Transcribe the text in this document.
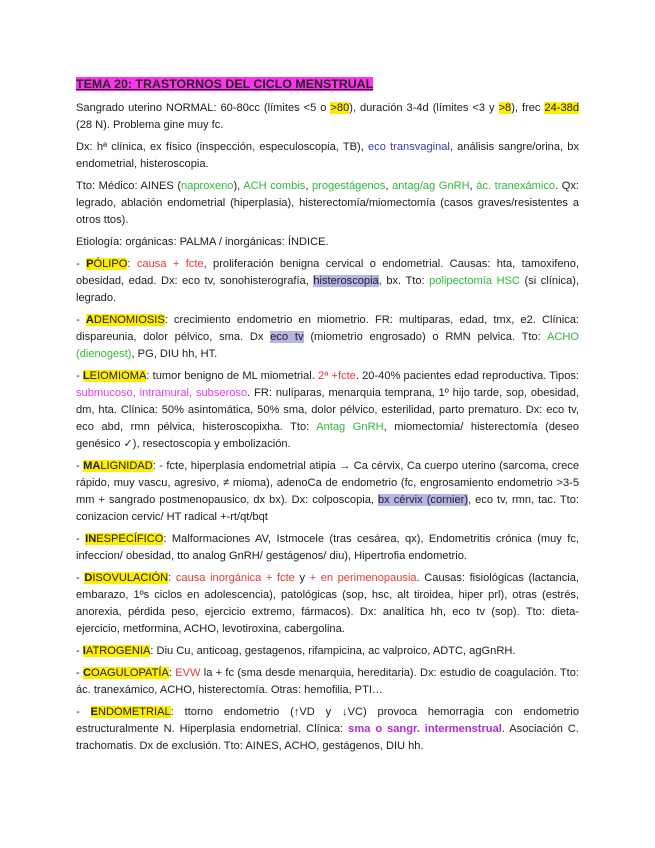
TEMA 20: TRASTORNOS DEL CICLO MENSTRUAL

Sangrado uterino NORMAL: 60-80cc (límites <5 o >80), duración 3-4d (límites <3 y >8), frec 24-38d (28 N). Problema gine muy fc.

Dx: hª clínica, ex físico (inspección, especuloscopia, TB), eco transvaginal, análisis sangre/orina, bx endometrial, histeroscopia.

Tto: Médico: AINES (naproxeno), ACH combis, progestágenos, antag/ag GnRH, ác. tranexámico. Qx: legrado, ablación endometrial (hiperplasia), histerectomía/miomectomía (casos graves/resistentes a otros ttos).

Etiología: orgánicas: PALMA / inorgánicas: ÍNDICE.

- PÓLIPO: causa + fcte, proliferación benigna cervical o endometrial. Causas: hta, tamoxifeno, obesidad, edad. Dx: eco tv, sonohisterografía, histeroscopia, bx. Tto: polipectomía HSC (si clínica), legrado.

- ADENOMIOSIS: crecimiento endometrio en miometrio. FR: multiparas, edad, tmx, e2. Clínica: dispareunia, dolor pélvico, sma. Dx eco tv (miometrio engrosado) o RMN pelvica. Tto: ACHO (dienogest), PG, DIU hh, HT.

- LEIOMIOMA: tumor benigno de ML miometrial. 2ª +fcte. 20-40% pacientes edad reproductiva. Tipos: submucoso, intramural, subseroso. FR: nulíparas, menarquia temprana, 1º hijo tarde, sop, obesidad, dm, hta. Clínica: 50% asintomática, 50% sma, dolor pélvico, esterilidad, parto prematuro. Dx: eco tv, eco abd, rmn pélvica, histeroscopixha. Tto: Antag GnRH, miomectomia/ histerectomía (deseo genésico ✓), resectoscopia y embolización.

- MALIGNIDAD: - fcte, hiperplasia endometrial atipia → Ca cérvix, Ca cuerpo uterino (sarcoma, crece rápido, muy vascu, agresivo, ≠ mioma), adenoCa de endometrio (fc, engrosamiento endometrio >3-5 mm + sangrado postmenopausico, dx bx). Dx: colposcopia, bx cérvix (cornier), eco tv, rmn, tac. Tto: conizacion cervic/ HT radical +-rt/qt/bqt

- INESPECÍFICO: Malformaciones AV, Istmocele (tras cesárea, qx), Endometritis crónica (muy fc, infeccion/ obesidad, tto analog GnRH/ gestágenos/ diu), Hipertrofia endometrio.

- DISOVULACIÓN: causa inorgánica + fcte y + en perimenopausia. Causas: fisiológicas (lactancia, embarazo, 1ºs ciclos en adolescencia), patológicas (sop, hsc, alt tiroidea, hiper prl), otras (estrés, anorexia, pérdida peso, ejercicio extremo, fármacos). Dx: analítica hh, eco tv (sop). Tto: dieta-ejercicio, metformina, ACHO, levotiroxina, cabergolina.

- IATROGENIA: Diu Cu, anticoag, gestagenos, rifampicina, ac valproico, ADTC, agGnRH.

- COAGULOPATÍA: EVW la + fc (sma desde menarquia, hereditaria). Dx: estudio de coagulación. Tto: ác. tranexámico, ACHO, histerectomía. Otras: hemofilia, PTI…

- ENDOMETRIAL: ttorno endometrio (↑VD y ↓VC) provoca hemorragia con endometrio estructuralmente N. Hiperplasia endometrial. Clínica: sma o sangr. intermenstrual. Asociación C. trachomatis. Dx de exclusión. Tto: AINES, ACHO, gestágenos, DIU hh.
